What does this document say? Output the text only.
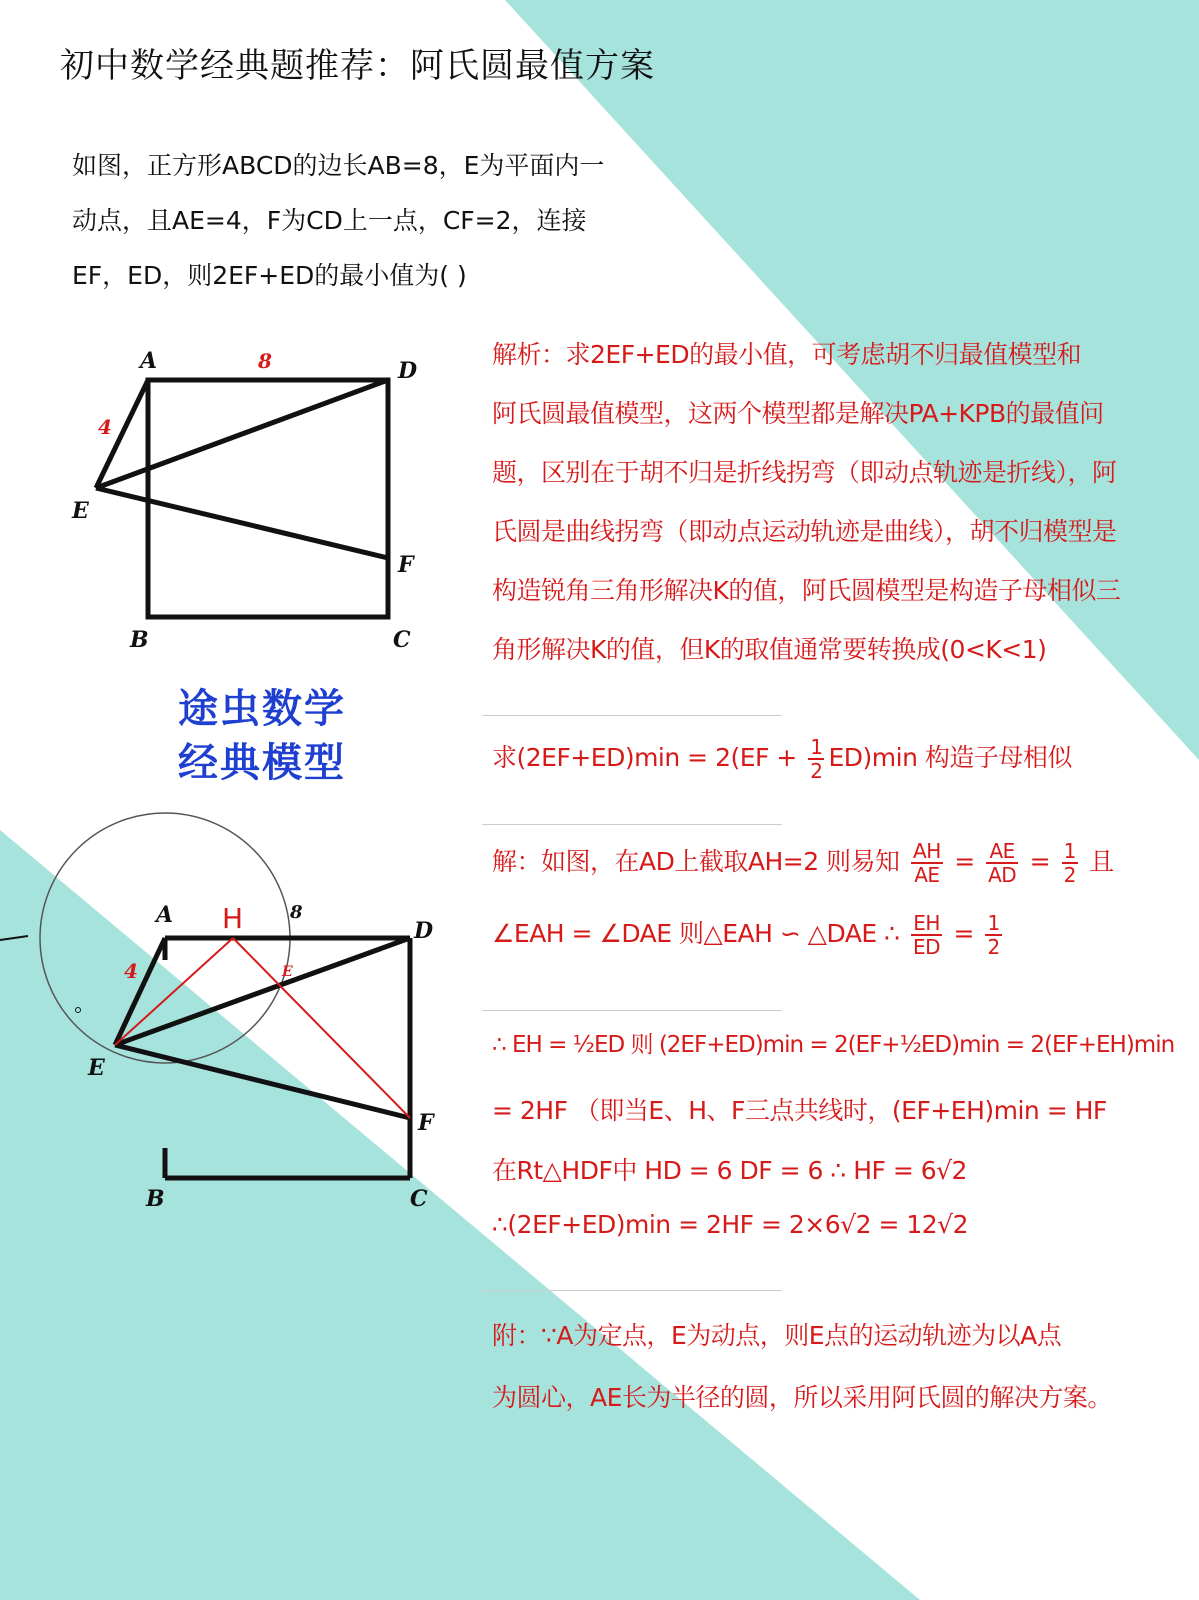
初中数学经典题推荐：阿氏圆最值方案
如图，正方形ABCD的边长AB=8，E为平面内一
动点，且AE=4，F为CD上一点，CF=2，连接
EF，ED，则2EF+ED的最小值为( )
A	D
B	C
E
F
8
4
途虫数学
经典模型
A
D
B	C
E
F
H
E
8
4
解析：求2EF+ED的最小值，可考虑胡不归最值模型和
阿氏圆最值模型，这两个模型都是解决PA+KPB的最值问
题，区别在于胡不归是折线拐弯（即动点轨迹是折线），阿
氏圆是曲线拐弯（即动点运动轨迹是曲线），胡不归模型是
构造锐角三角形解决K的值，阿氏圆模型是构造子母相似三
角形解决K的值，但K的取值通常要转换成(0<K<1)
求$(2EF+ED)\min = 2(EF + \frac{1}{2} ED)\min$ 构造子母相似
解：如图，在AD上截取AH=2 则易知 $\frac{AH}{AE} = \frac{AE}{AD} = \frac{1}{2}$ 且
∠EAH = ∠DAE 则△EAH ∽ △DAE ∴ $\frac{EH}{ED} = \frac{1}{2}$
∴ EH = ½ED 则 (2EF+ED)min = 2(EF+½ED)min = 2(EF+EH)min
= 2HF （即当E、H、F三点共线时，(EF+EH)min = HF
在Rt△HDF中 HD = 6 DF = 6 ∴ HF = 6√2
∴(2EF+ED)min = 2HF = 2×6√2 = 12√2
附：∵A为定点，E为动点，则E点的运动轨迹为以A点
为圆心，AE长为半径的圆，所以采用阿氏圆的解决方案。
